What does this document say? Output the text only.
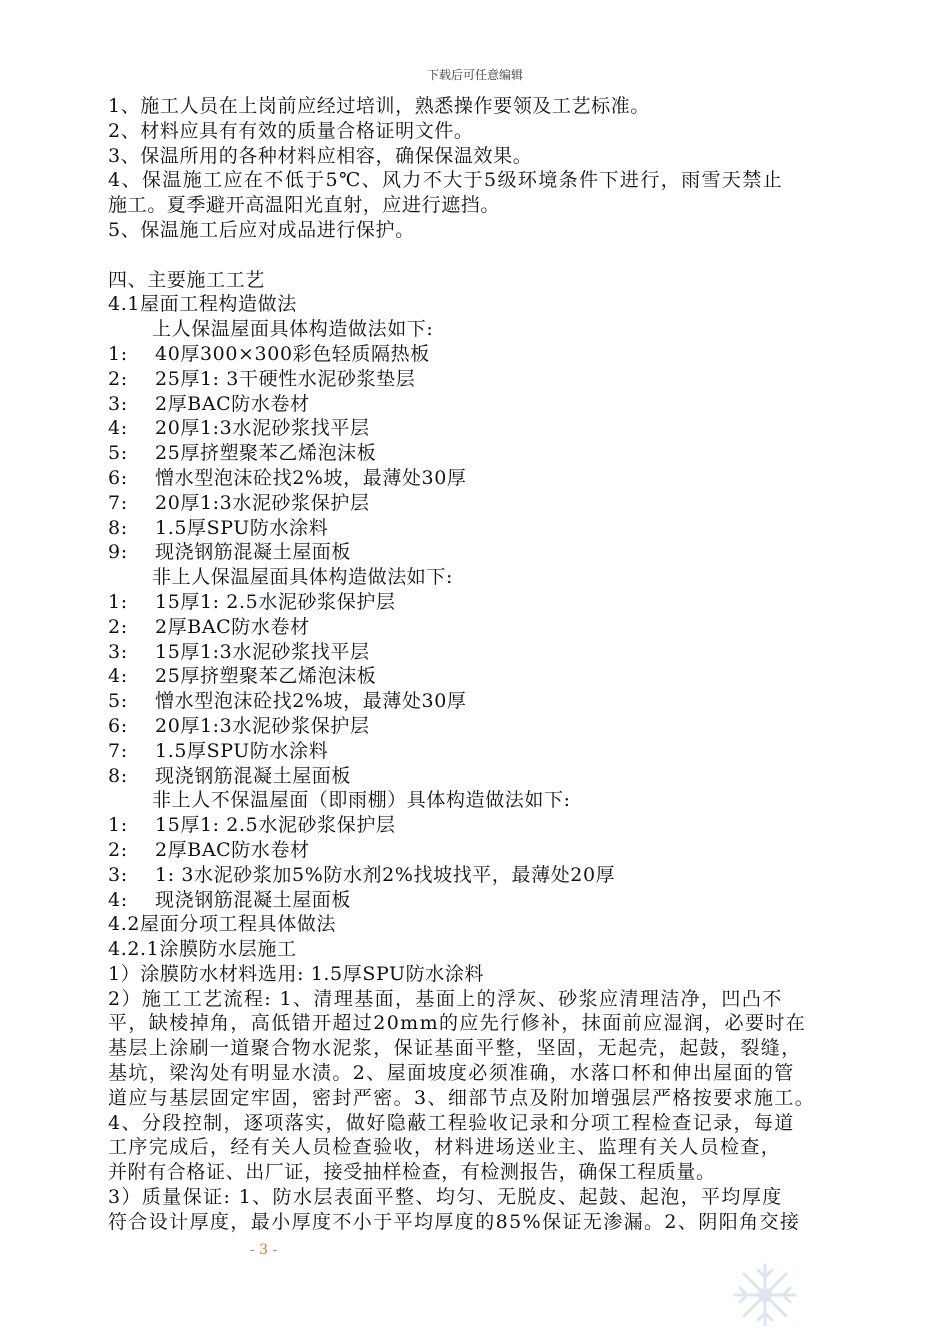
下载后可任意编辑
1、施工人员在上岗前应经过培训，熟悉操作要领及工艺标准。
2、材料应具有有效的质量合格证明文件。
3、保温所用的各种材料应相容，确保保温效果。
4、保温施工应在不低于5℃、风力不大于5级环境条件下进行，雨雪天禁止
施工。夏季避开高温阳光直射，应进行遮挡。
5、保温施工后应对成品进行保护。
四、主要施工工艺
4.1屋面工程构造做法
上人保温屋面具体构造做法如下:
1: 40厚300×300彩色轻质隔热板
2: 25厚1: 3干硬性水泥砂浆垫层
3: 2厚BAC防水卷材
4: 20厚1:3水泥砂浆找平层
5: 25厚挤塑聚苯乙烯泡沫板
6: 憎水型泡沫砼找2%坡，最薄处30厚
7: 20厚1:3水泥砂浆保护层
8: 1.5厚SPU防水涂料
9: 现浇钢筋混凝土屋面板
非上人保温屋面具体构造做法如下:
1: 15厚1: 2.5水泥砂浆保护层
2: 2厚BAC防水卷材
3: 15厚1:3水泥砂浆找平层
4: 25厚挤塑聚苯乙烯泡沫板
5: 憎水型泡沫砼找2%坡，最薄处30厚
6: 20厚1:3水泥砂浆保护层
7: 1.5厚SPU防水涂料
8: 现浇钢筋混凝土屋面板
非上人不保温屋面（即雨棚）具体构造做法如下:
1: 15厚1: 2.5水泥砂浆保护层
2: 2厚BAC防水卷材
3: 1: 3水泥砂浆加5%防水剂2%找坡找平，最薄处20厚
4: 现浇钢筋混凝土屋面板
4.2屋面分项工程具体做法
4.2.1涂膜防水层施工
1）涂膜防水材料选用: 1.5厚SPU防水涂料
2）施工工艺流程: 1、清理基面，基面上的浮灰、砂浆应清理洁净，凹凸不
平，缺棱掉角，高低错开超过20mm的应先行修补，抹面前应湿润，必要时在
基层上涂刷一道聚合物水泥浆，保证基面平整，坚固，无起壳，起鼓，裂缝，
基坑，梁沟处有明显水渍。2、屋面坡度必须准确，水落口杯和伸出屋面的管
道应与基层固定牢固，密封严密。3、细部节点及附加增强层严格按要求施工。
4、分段控制，逐项落实，做好隐蔽工程验收记录和分项工程检查记录，每道
工序完成后，经有关人员检查验收，材料进场送业主、监理有关人员检查，
并附有合格证、出厂证，接受抽样检查，有检测报告，确保工程质量。
3）质量保证: 1、防水层表面平整、均匀、无脱皮、起鼓、起泡，平均厚度
符合设计厚度，最小厚度不小于平均厚度的85%保证无渗漏。2、阴阳角交接
- 3 -
